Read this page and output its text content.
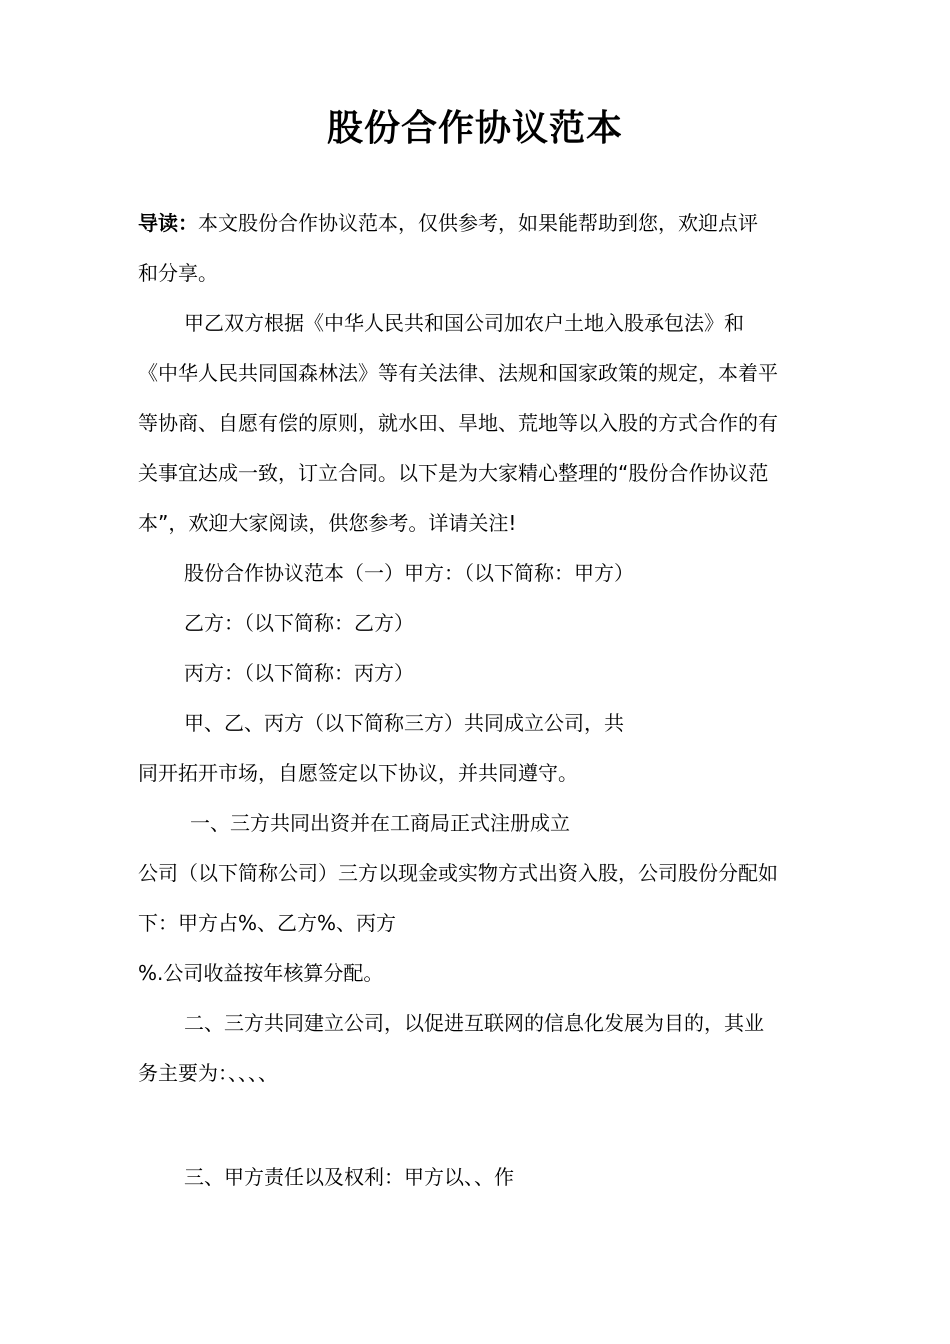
股份合作协议范本
导读：本文股份合作协议范本，仅供参考，如果能帮助到您，欢迎点评
和分享。
甲乙双方根据《中华人民共和国公司加农户土地入股承包法》和
《中华人民共同国森林法》等有关法律、法规和国家政策的规定，本着平
等协商、自愿有偿的原则，就水田、旱地、荒地等以入股的方式合作的有
关事宜达成一致，订立合同。以下是为大家精心整理的“股份合作协议范
本”，欢迎大家阅读，供您参考。详请关注!
股份合作协议范本（一）甲方：（以下简称：甲方）
乙方：（以下简称：乙方）
丙方：（以下简称：丙方）
甲、乙、丙方（以下简称三方）共同成立公司，共
同开拓开市场，自愿签定以下协议，并共同遵守。
一、三方共同出资并在工商局正式注册成立
公司（以下简称公司）三方以现金或实物方式出资入股，公司股份分配如
下：甲方占%、乙方%、丙方
%.公司收益按年核算分配。
二、三方共同建立公司，以促进互联网的信息化发展为目的，其业
务主要为：、、、、
三、甲方责任以及权利：甲方以、、作
